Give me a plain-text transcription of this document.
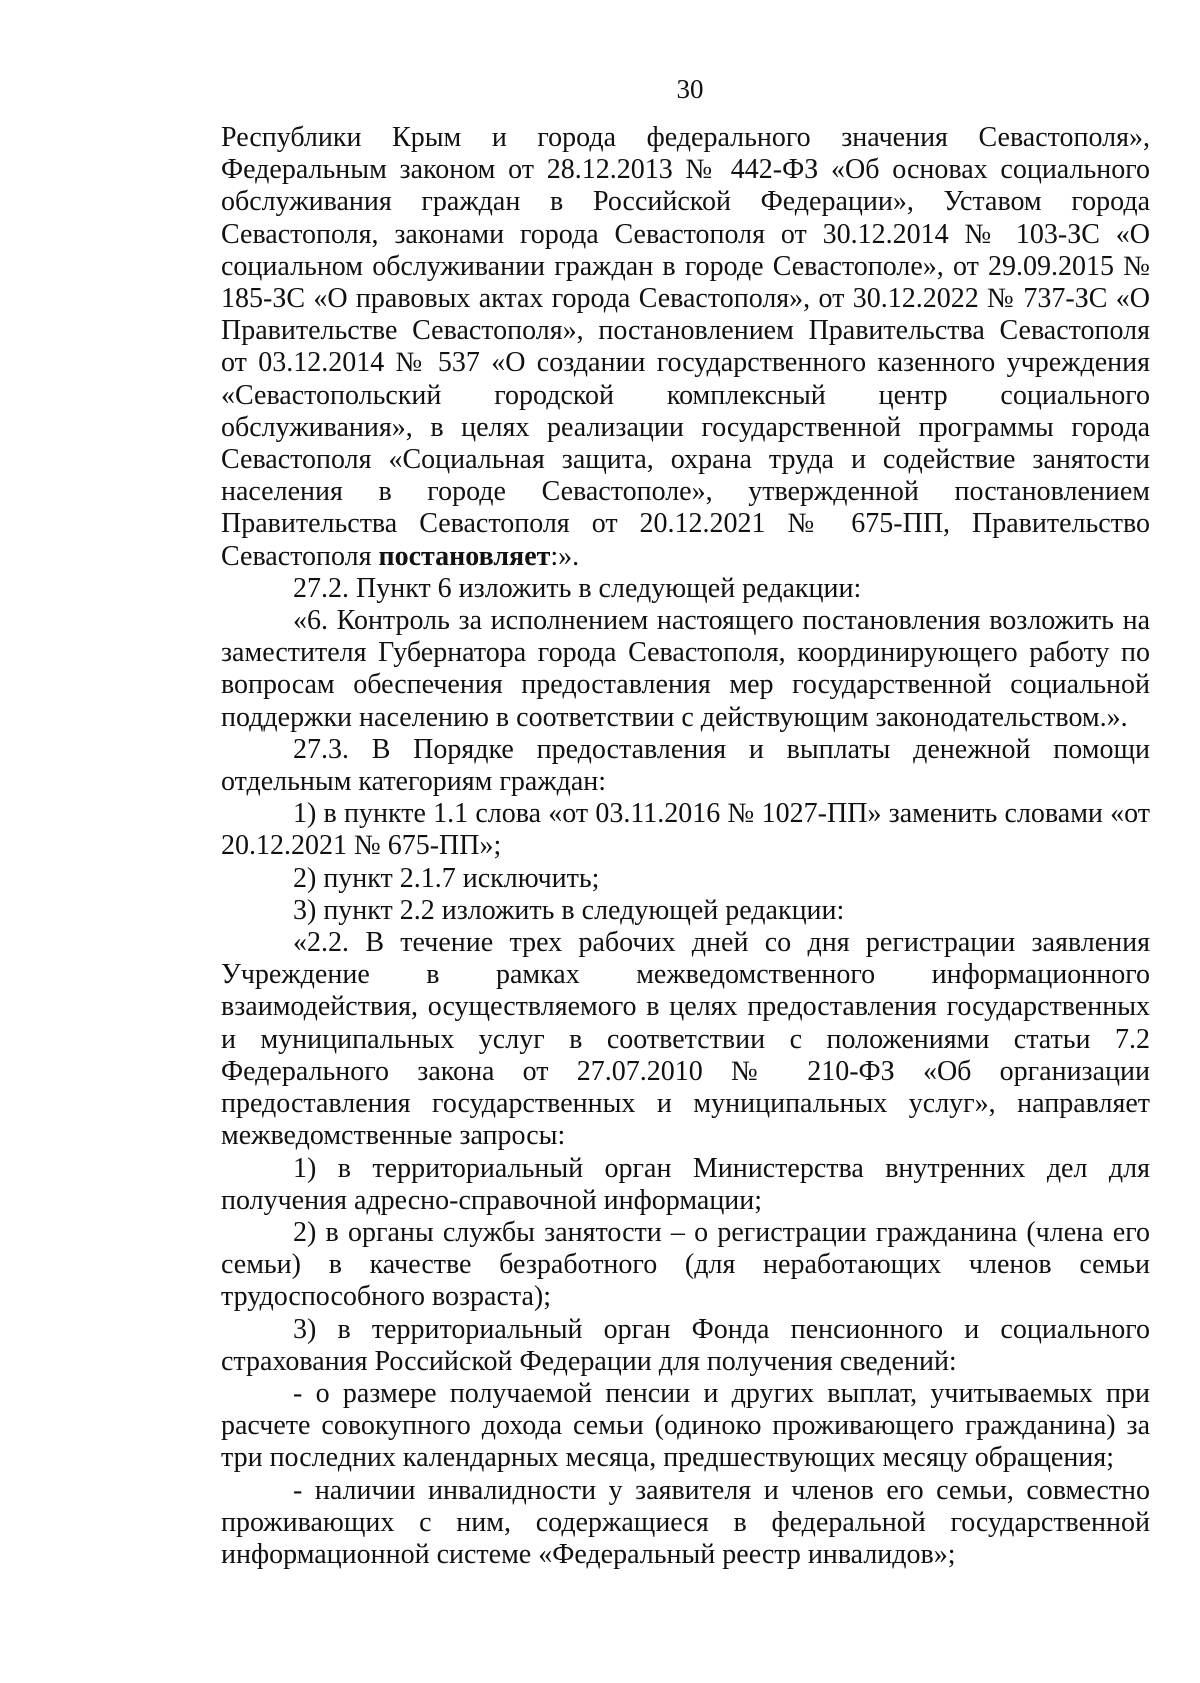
30

Республики Крым и города федерального значения Севастополя», Федеральным законом от 28.12.2013 № 442-ФЗ «Об основах социального обслуживания граждан в Российской Федерации», Уставом города Севастополя, законами города Севастополя от 30.12.2014 № 103-ЗС «О социальном обслуживании граждан в городе Севастополе», от 29.09.2015 № 185-ЗС «О правовых актах города Севастополя», от 30.12.2022 № 737-ЗС «О Правительстве Севастополя», постановлением Правительства Севастополя от 03.12.2014 № 537 «О создании государственного казенного учреждения «Севастопольский городской комплексный центр социального обслуживания», в целях реализации государственной программы города Севастополя «Социальная защита, охрана труда и содействие занятости населения в городе Севастополе», утвержденной постановлением Правительства Севастополя от 20.12.2021 № 675-ПП, Правительство Севастополя постановляет:».

27.2. Пункт 6 изложить в следующей редакции:

«6. Контроль за исполнением настоящего постановления возложить на заместителя Губернатора города Севастополя, координирующего работу по вопросам обеспечения предоставления мер государственной социальной поддержки населению в соответствии с действующим законодательством.».

27.3. В Порядке предоставления и выплаты денежной помощи отдельным категориям граждан:

1) в пункте 1.1 слова «от 03.11.2016 № 1027-ПП» заменить словами «от 20.12.2021 № 675-ПП»;

2) пункт 2.1.7 исключить;

3) пункт 2.2 изложить в следующей редакции:

«2.2. В течение трех рабочих дней со дня регистрации заявления Учреждение в рамках межведомственного информационного взаимодействия, осуществляемого в целях предоставления государственных и муниципальных услуг в соответствии с положениями статьи 7.2 Федерального закона от 27.07.2010 № 210-ФЗ «Об организации предоставления государственных и муниципальных услуг», направляет межведомственные запросы:

1) в территориальный орган Министерства внутренних дел для получения адресно-справочной информации;

2) в органы службы занятости – о регистрации гражданина (члена его семьи) в качестве безработного (для неработающих членов семьи трудоспособного возраста);

3) в территориальный орган Фонда пенсионного и социального страхования Российской Федерации для получения сведений:

- о размере получаемой пенсии и других выплат, учитываемых при расчете совокупного дохода семьи (одиноко проживающего гражданина) за три последних календарных месяца, предшествующих месяцу обращения;

- наличии инвалидности у заявителя и членов его семьи, совместно проживающих с ним, содержащиеся в федеральной государственной информационной системе «Федеральный реестр инвалидов»;
